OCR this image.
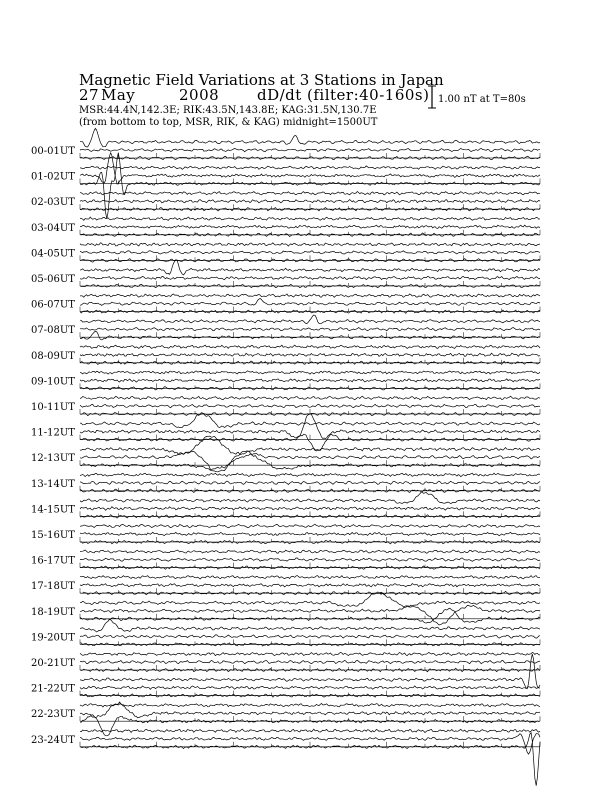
Magnetic Field Variations at 3 Stations in Japan
27 May	2008	dD/dt (filter:40-160s)
MSR:44.4N,142.3E; RIK:43.5N,143.8E; KAG:31.5N,130.7E
(from bottom to top, MSR, RIK, & KAG) midnight=1500UT
1.00 nT at T=80s
00-01UT
01-02UT
02-03UT
03-04UT
04-05UT
05-06UT
06-07UT
07-08UT
08-09UT
09-10UT
10-11UT
11-12UT
12-13UT
13-14UT
14-15UT
15-16UT
16-17UT
17-18UT
18-19UT
19-20UT
20-21UT
21-22UT
22-23UT
23-24UT
